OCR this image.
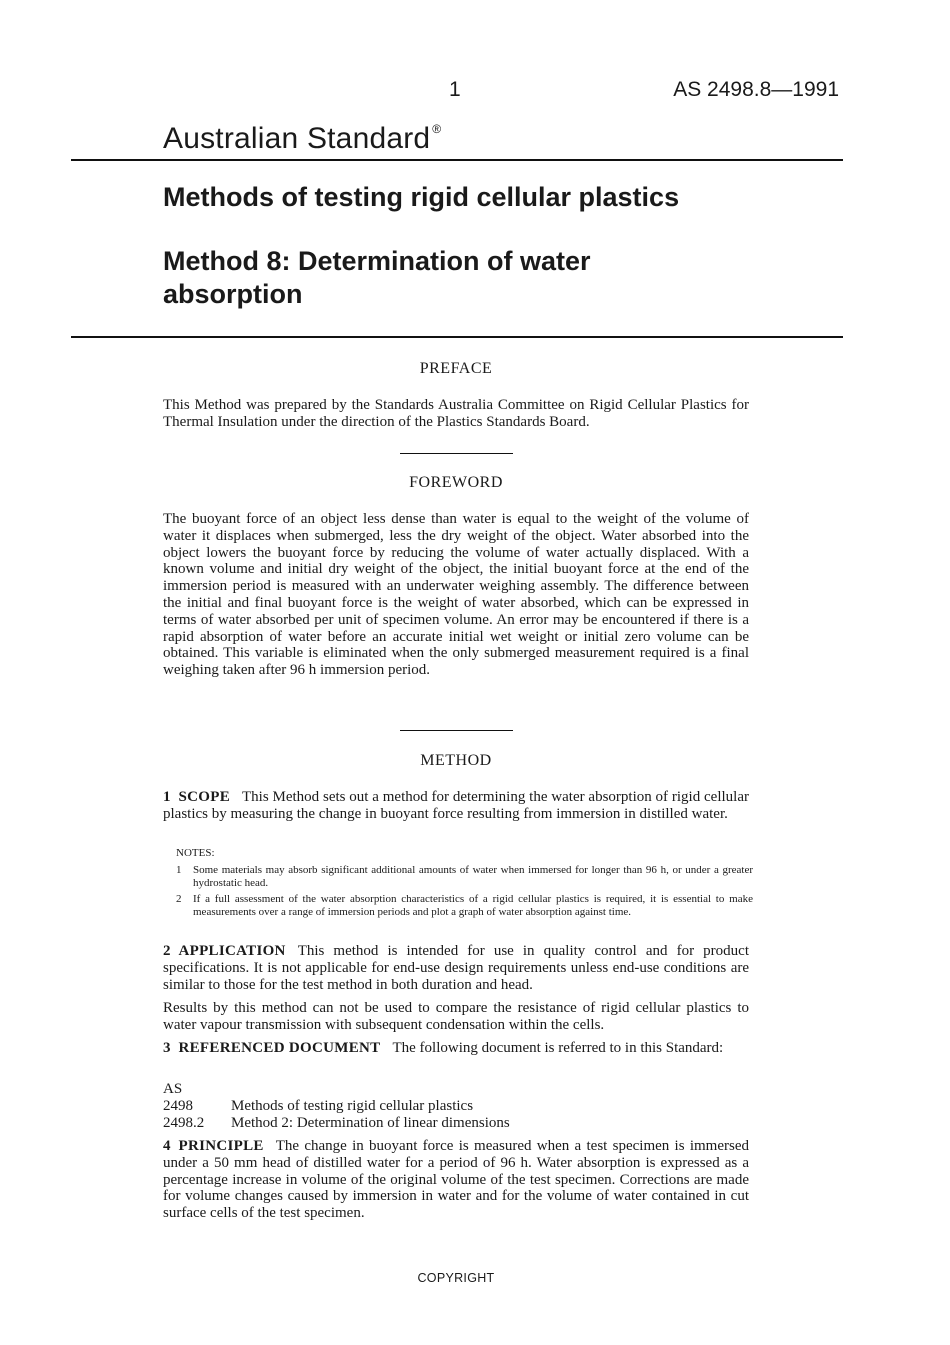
1	AS 2498.8—1991
Australian Standard ®
Methods of testing rigid cellular plastics
Method 8: Determination of water absorption
PREFACE

This Method was prepared by the Standards Australia Committee on Rigid Cellular Plastics for Thermal Insulation under the direction of the Plastics Standards Board.

FOREWORD

The buoyant force of an object less dense than water is equal to the weight of the volume of water it displaces when submerged, less the dry weight of the object. Water absorbed into the object lowers the buoyant force by reducing the volume of water actually displaced. With a known volume and initial dry weight of the object, the initial buoyant force at the end of the immersion period is measured with an underwater weighing assembly. The difference between the initial and final buoyant force is the weight of water absorbed, which can be expressed in terms of water absorbed per unit of specimen volume. An error may be encountered if there is a rapid absorption of water before an accurate initial wet weight or initial zero volume can be obtained. This variable is eliminated when the only submerged measurement required is a final weighing taken after 96 h immersion period.

METHOD

1 SCOPE This Method sets out a method for determining the water absorption of rigid cellular plastics by measuring the change in buoyant force resulting from immersion in distilled water.

NOTES:
1	Some materials may absorb significant additional amounts of water when immersed for longer than 96 h, or under a greater hydrostatic head.
2	If a full assessment of the water absorption characteristics of a rigid cellular plastics is required, it is essential to make measurements over a range of immersion periods and plot a graph of water absorption against time.

2 APPLICATION This method is intended for use in quality control and for product specifications. It is not applicable for end-use design requirements unless end-use conditions are similar to those for the test method in both duration and head.

Results by this method can not be used to compare the resistance of rigid cellular plastics to water vapour transmission with subsequent condensation within the cells.

3 REFERENCED DOCUMENT The following document is referred to in this Standard:

AS
2498	Methods of testing rigid cellular plastics
2498.2	Method 2: Determination of linear dimensions

4 PRINCIPLE The change in buoyant force is measured when a test specimen is immersed under a 50 mm head of distilled water for a period of 96 h. Water absorption is expressed as a percentage increase in volume of the original volume of the test specimen. Corrections are made for volume changes caused by immersion in water and for the volume of water contained in cut surface cells of the test specimen.

COPYRIGHT
